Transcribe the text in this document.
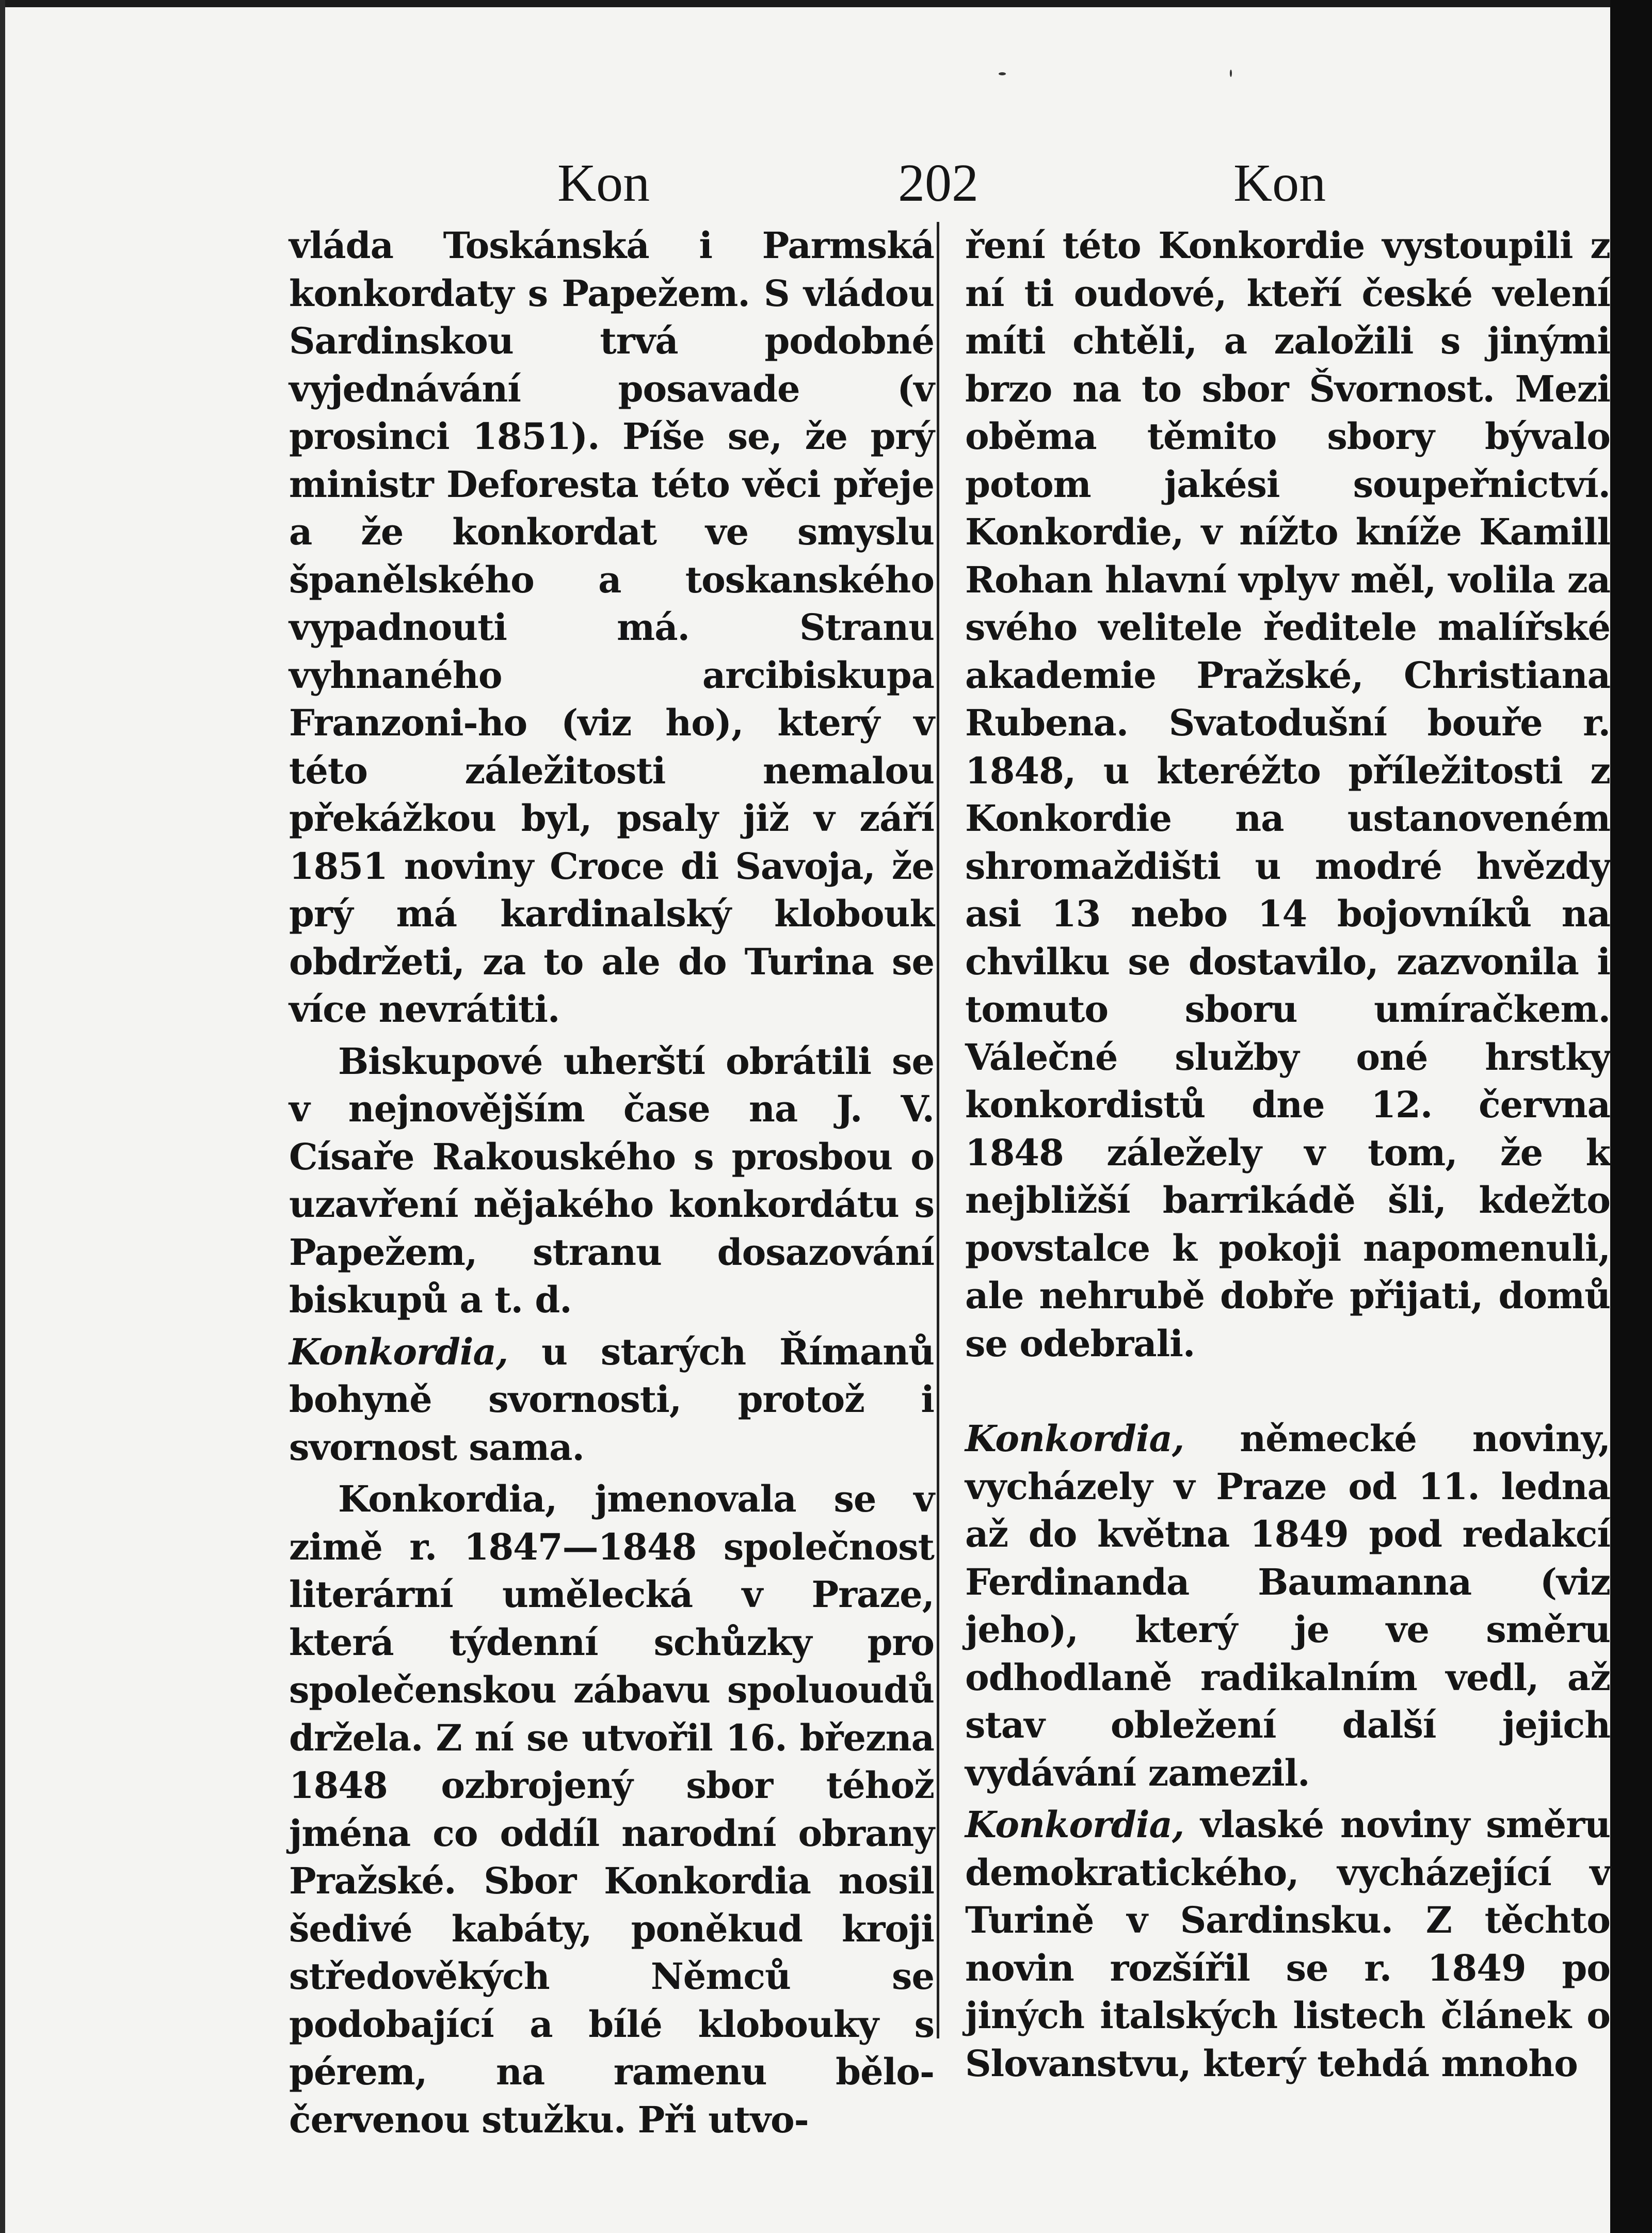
Kon	202	Kon

vláda Toskánská i Parmská konkordaty s Papežem. S vládou Sardinskou trvá podobné vyjednávání posavade (v prosinci 1851). Píše se, že prý ministr Deforesta této věci přeje a že konkordat ve smyslu španělského a toskanského vypadnouti má. Stranu vyhnaného arcibiskupa Franzoni-ho (viz ho), který v této záležitosti nemalou překážkou byl, psaly již v září 1851 noviny Croce di Savoja, že prý má kardinalský klobouk obdržeti, za to ale do Turina se více nevrátiti.

Biskupové uherští obrátili se v nejnovějším čase na J. V. Císaře Rakouského s prosbou o uzavření nějakého konkordátu s Papežem, stranu dosazování biskupů a t. d.

Konkordia, u starých Římanů bohyně svornosti, protož i svornost sama.

Konkordia, jmenovala se v zimě r. 1847—1848 společnost literární umělecká v Praze, která týdenní schůzky pro společenskou zábavu spoluoudů držela. Z ní se utvořil 16. března 1848 ozbrojený sbor téhož jména co oddíl narodní obrany Pražské. Sbor Konkordia nosil šedivé kabáty, poněkud kroji středověkých Němců se podobající a bílé klobouky s pérem, na ramenu bělo-červenou stužku. Při utvo-

ření této Konkordie vystoupili z ní ti oudové, kteří české velení míti chtěli, a založili s jinými brzo na to sbor Švornost. Mezi oběma těmito sbory bývalo potom jakési soupeřnictví. Konkordie, v nížto kníže Kamill Rohan hlavní vplyv měl, volila za svého velitele ředitele malířské akademie Pražské, Christiana Rubena. Svatodušní bouře r. 1848, u kteréžto příležitosti z Konkordie na ustanoveném shromaždišti u modré hvězdy asi 13 nebo 14 bojovníků na chvilku se dostavilo, zazvonila i tomuto sboru umíračkem. Válečné služby oné hrstky konkordistů dne 12. června 1848 záležely v tom, že k nejbližší barrikádě šli, kdežto povstalce k pokoji napomenuli, ale nehrubě dobře přijati, domů se odebrali.

Konkordia, německé noviny, vycházely v Praze od 11. ledna až do května 1849 pod redakcí Ferdinanda Baumanna (viz jeho), který je ve směru odhodlaně radikalním vedl, až stav obležení další jejich vydávání zamezil.

Konkordia, vlaské noviny směru demokratického, vycházející v Turině v Sardinsku. Z těchto novin rozšířil se r. 1849 po jiných italských listech článek o Slovanstvu, který tehdá mnoho
